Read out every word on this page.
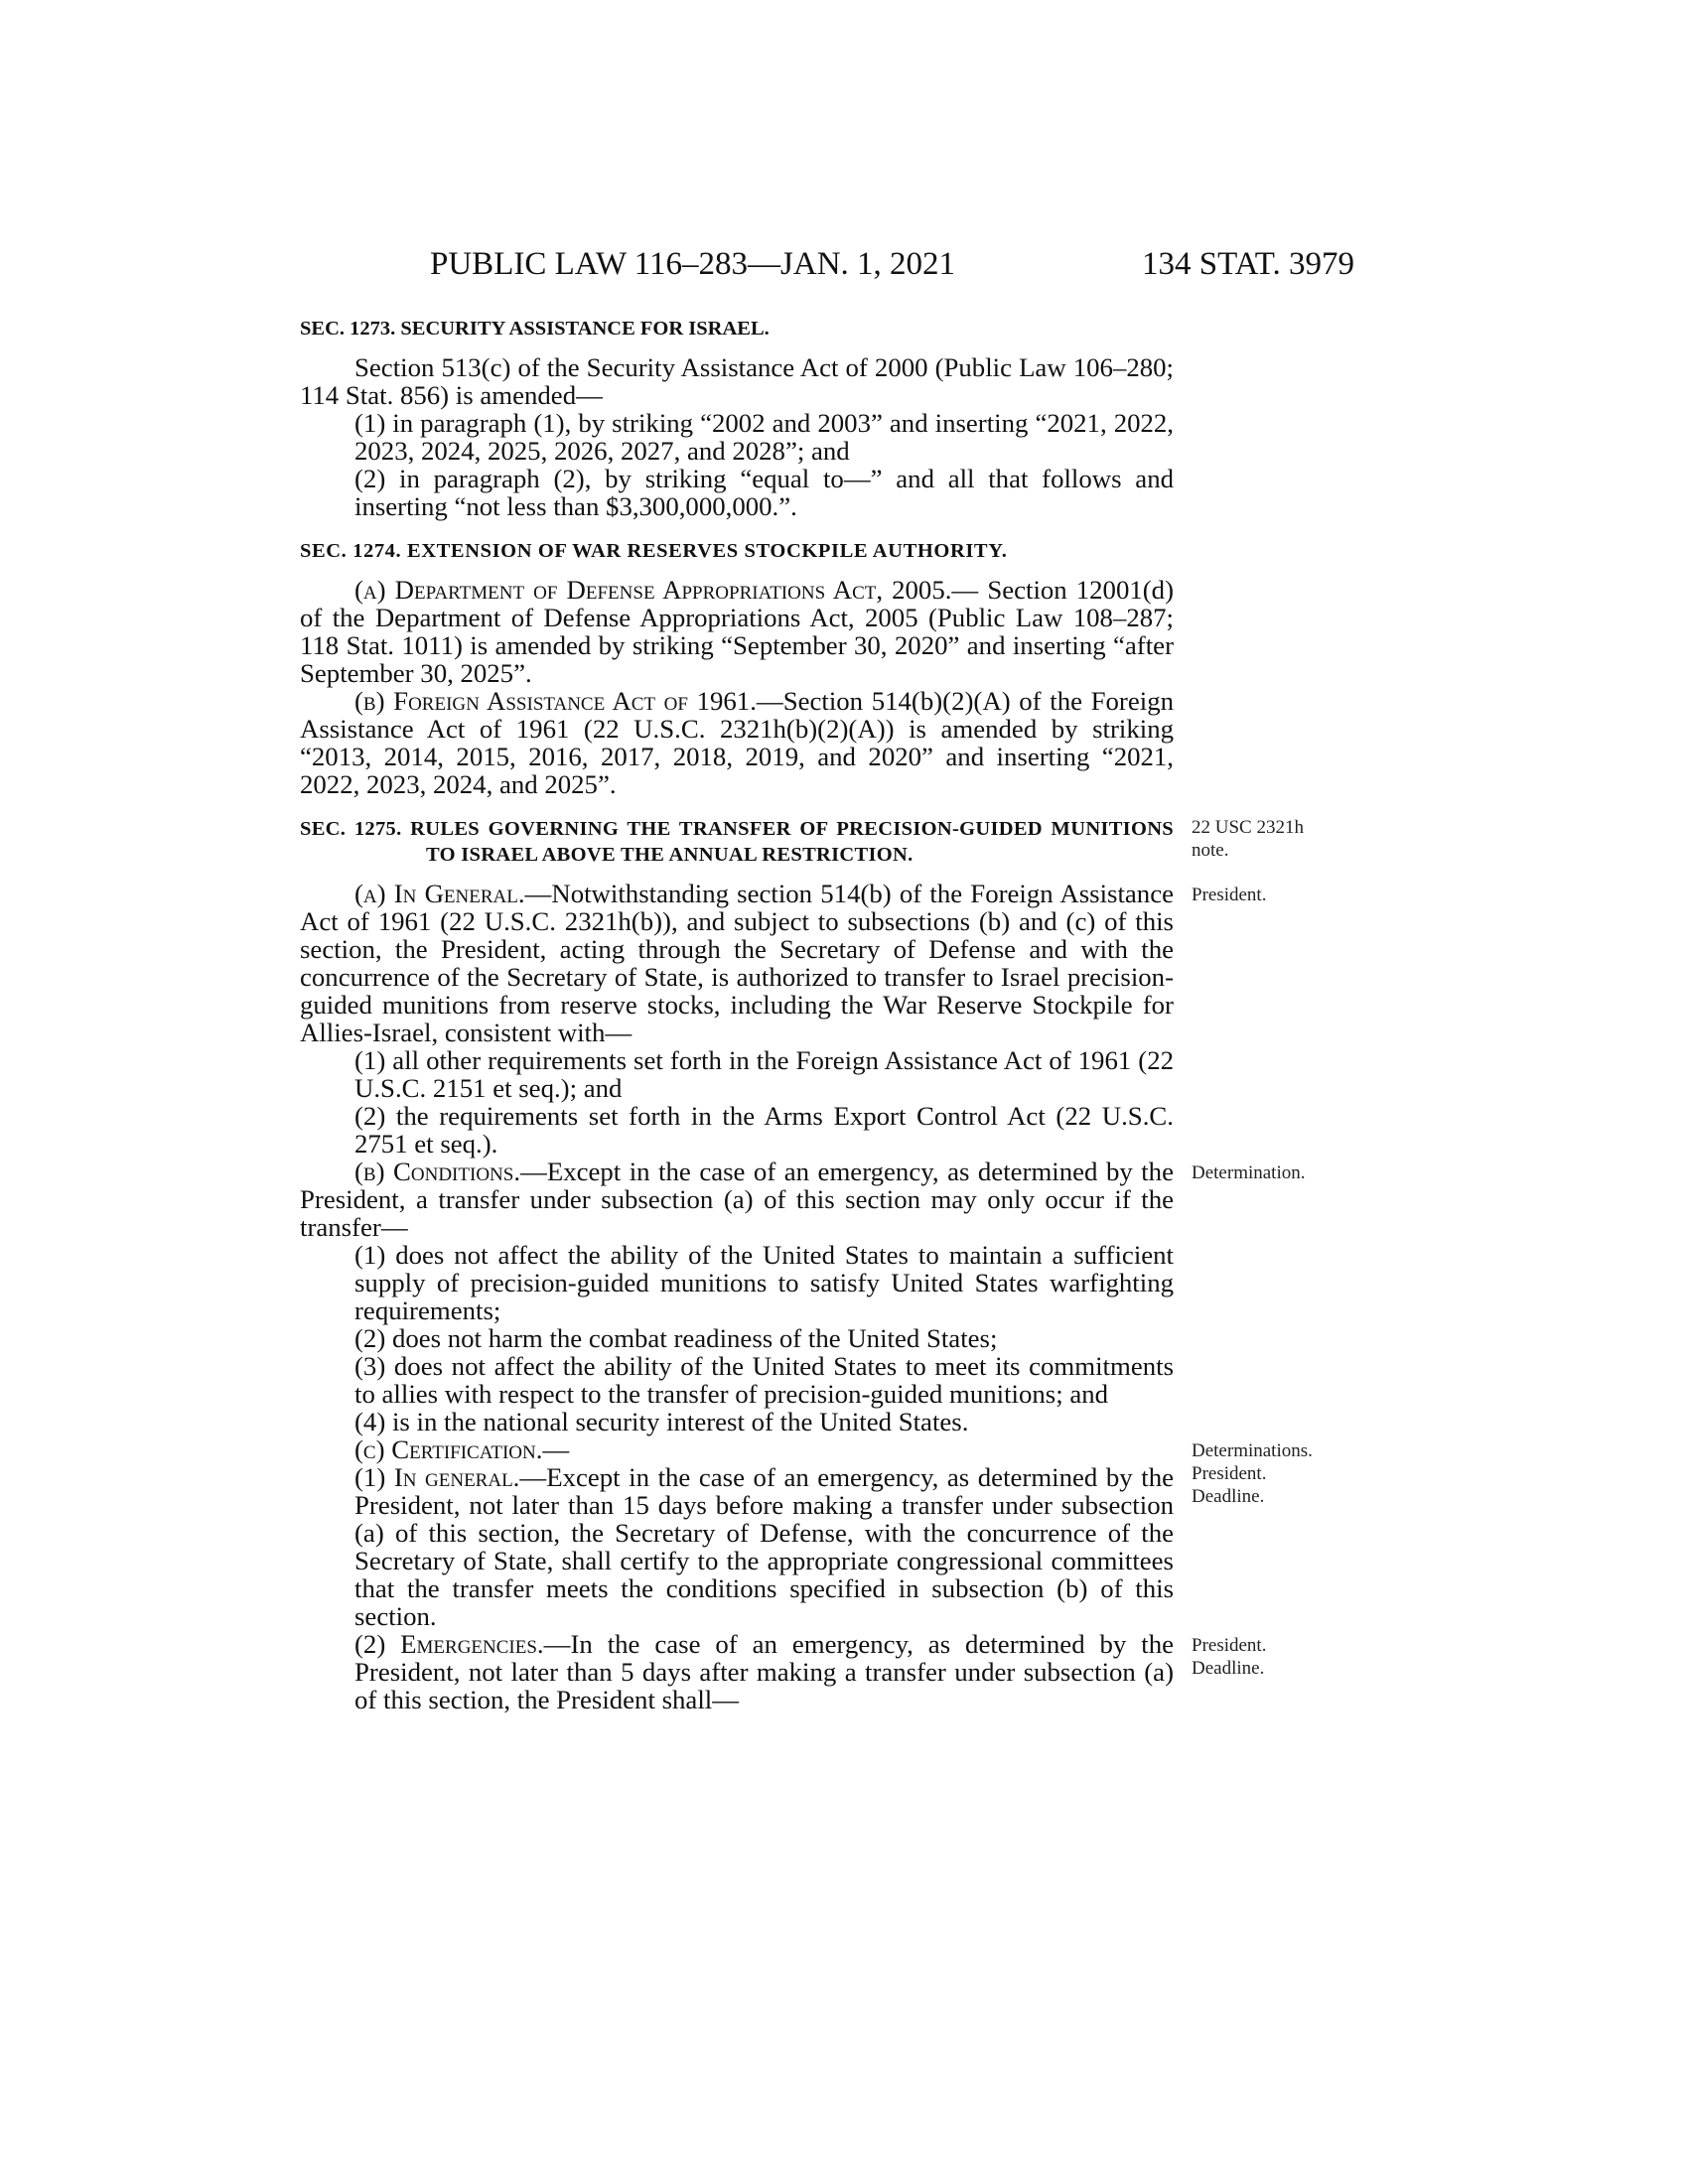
PUBLIC LAW 116–283—JAN. 1, 2021	134 STAT. 3979
SEC. 1273. SECURITY ASSISTANCE FOR ISRAEL.

Section 513(c) of the Security Assistance Act of 2000 (Public Law 106–280; 114 Stat. 856) is amended—

(1) in paragraph (1), by striking “2002 and 2003” and inserting “2021, 2022, 2023, 2024, 2025, 2026, 2027, and 2028”; and

(2) in paragraph (2), by striking “equal to—” and all that follows and inserting “not less than $3,300,000,000.”.

SEC. 1274. EXTENSION OF WAR RESERVES STOCKPILE AUTHORITY.

(a) Department of Defense Appropriations Act, 2005.— Section 12001(d) of the Department of Defense Appropriations Act, 2005 (Public Law 108–287; 118 Stat. 1011) is amended by striking “September 30, 2020” and inserting “after September 30, 2025”.

(b) Foreign Assistance Act of 1961.—Section 514(b)(2)(A) of the Foreign Assistance Act of 1961 (22 U.S.C. 2321h(b)(2)(A)) is amended by striking “2013, 2014, 2015, 2016, 2017, 2018, 2019, and 2020” and inserting “2021, 2022, 2023, 2024, and 2025”.

SEC. 1275. RULES GOVERNING THE TRANSFER OF PRECISION-GUIDED MUNITIONS TO ISRAEL ABOVE THE ANNUAL RESTRICTION.
22 USC 2321h
note.

(a) In General.—Notwithstanding section 514(b) of the Foreign Assistance Act of 1961 (22 U.S.C. 2321h(b)), and subject to subsections (b) and (c) of this section, the President, acting through the Secretary of Defense and with the concurrence of the Secretary of State, is authorized to transfer to Israel precision-guided munitions from reserve stocks, including the War Reserve Stockpile for Allies-Israel, consistent with—

President.

(1) all other requirements set forth in the Foreign Assistance Act of 1961 (22 U.S.C. 2151 et seq.); and

(2) the requirements set forth in the Arms Export Control Act (22 U.S.C. 2751 et seq.).

(b) Conditions.—Except in the case of an emergency, as determined by the President, a transfer under subsection (a) of this section may only occur if the transfer—

Determination.

(1) does not affect the ability of the United States to maintain a sufficient supply of precision-guided munitions to satisfy United States warfighting requirements;

(2) does not harm the combat readiness of the United States;

(3) does not affect the ability of the United States to meet its commitments to allies with respect to the transfer of precision-guided munitions; and

(4) is in the national security interest of the United States.

(c) Certification.—	Determinations.
President.
Deadline.

(1) In general.—Except in the case of an emergency, as determined by the President, not later than 15 days before making a transfer under subsection (a) of this section, the Secretary of Defense, with the concurrence of the Secretary of State, shall certify to the appropriate congressional committees that the transfer meets the conditions specified in subsection (b) of this section.

(2) Emergencies.—In the case of an emergency, as determined by the President, not later than 5 days after making a transfer under subsection (a) of this section, the President shall—

President.
Deadline.
